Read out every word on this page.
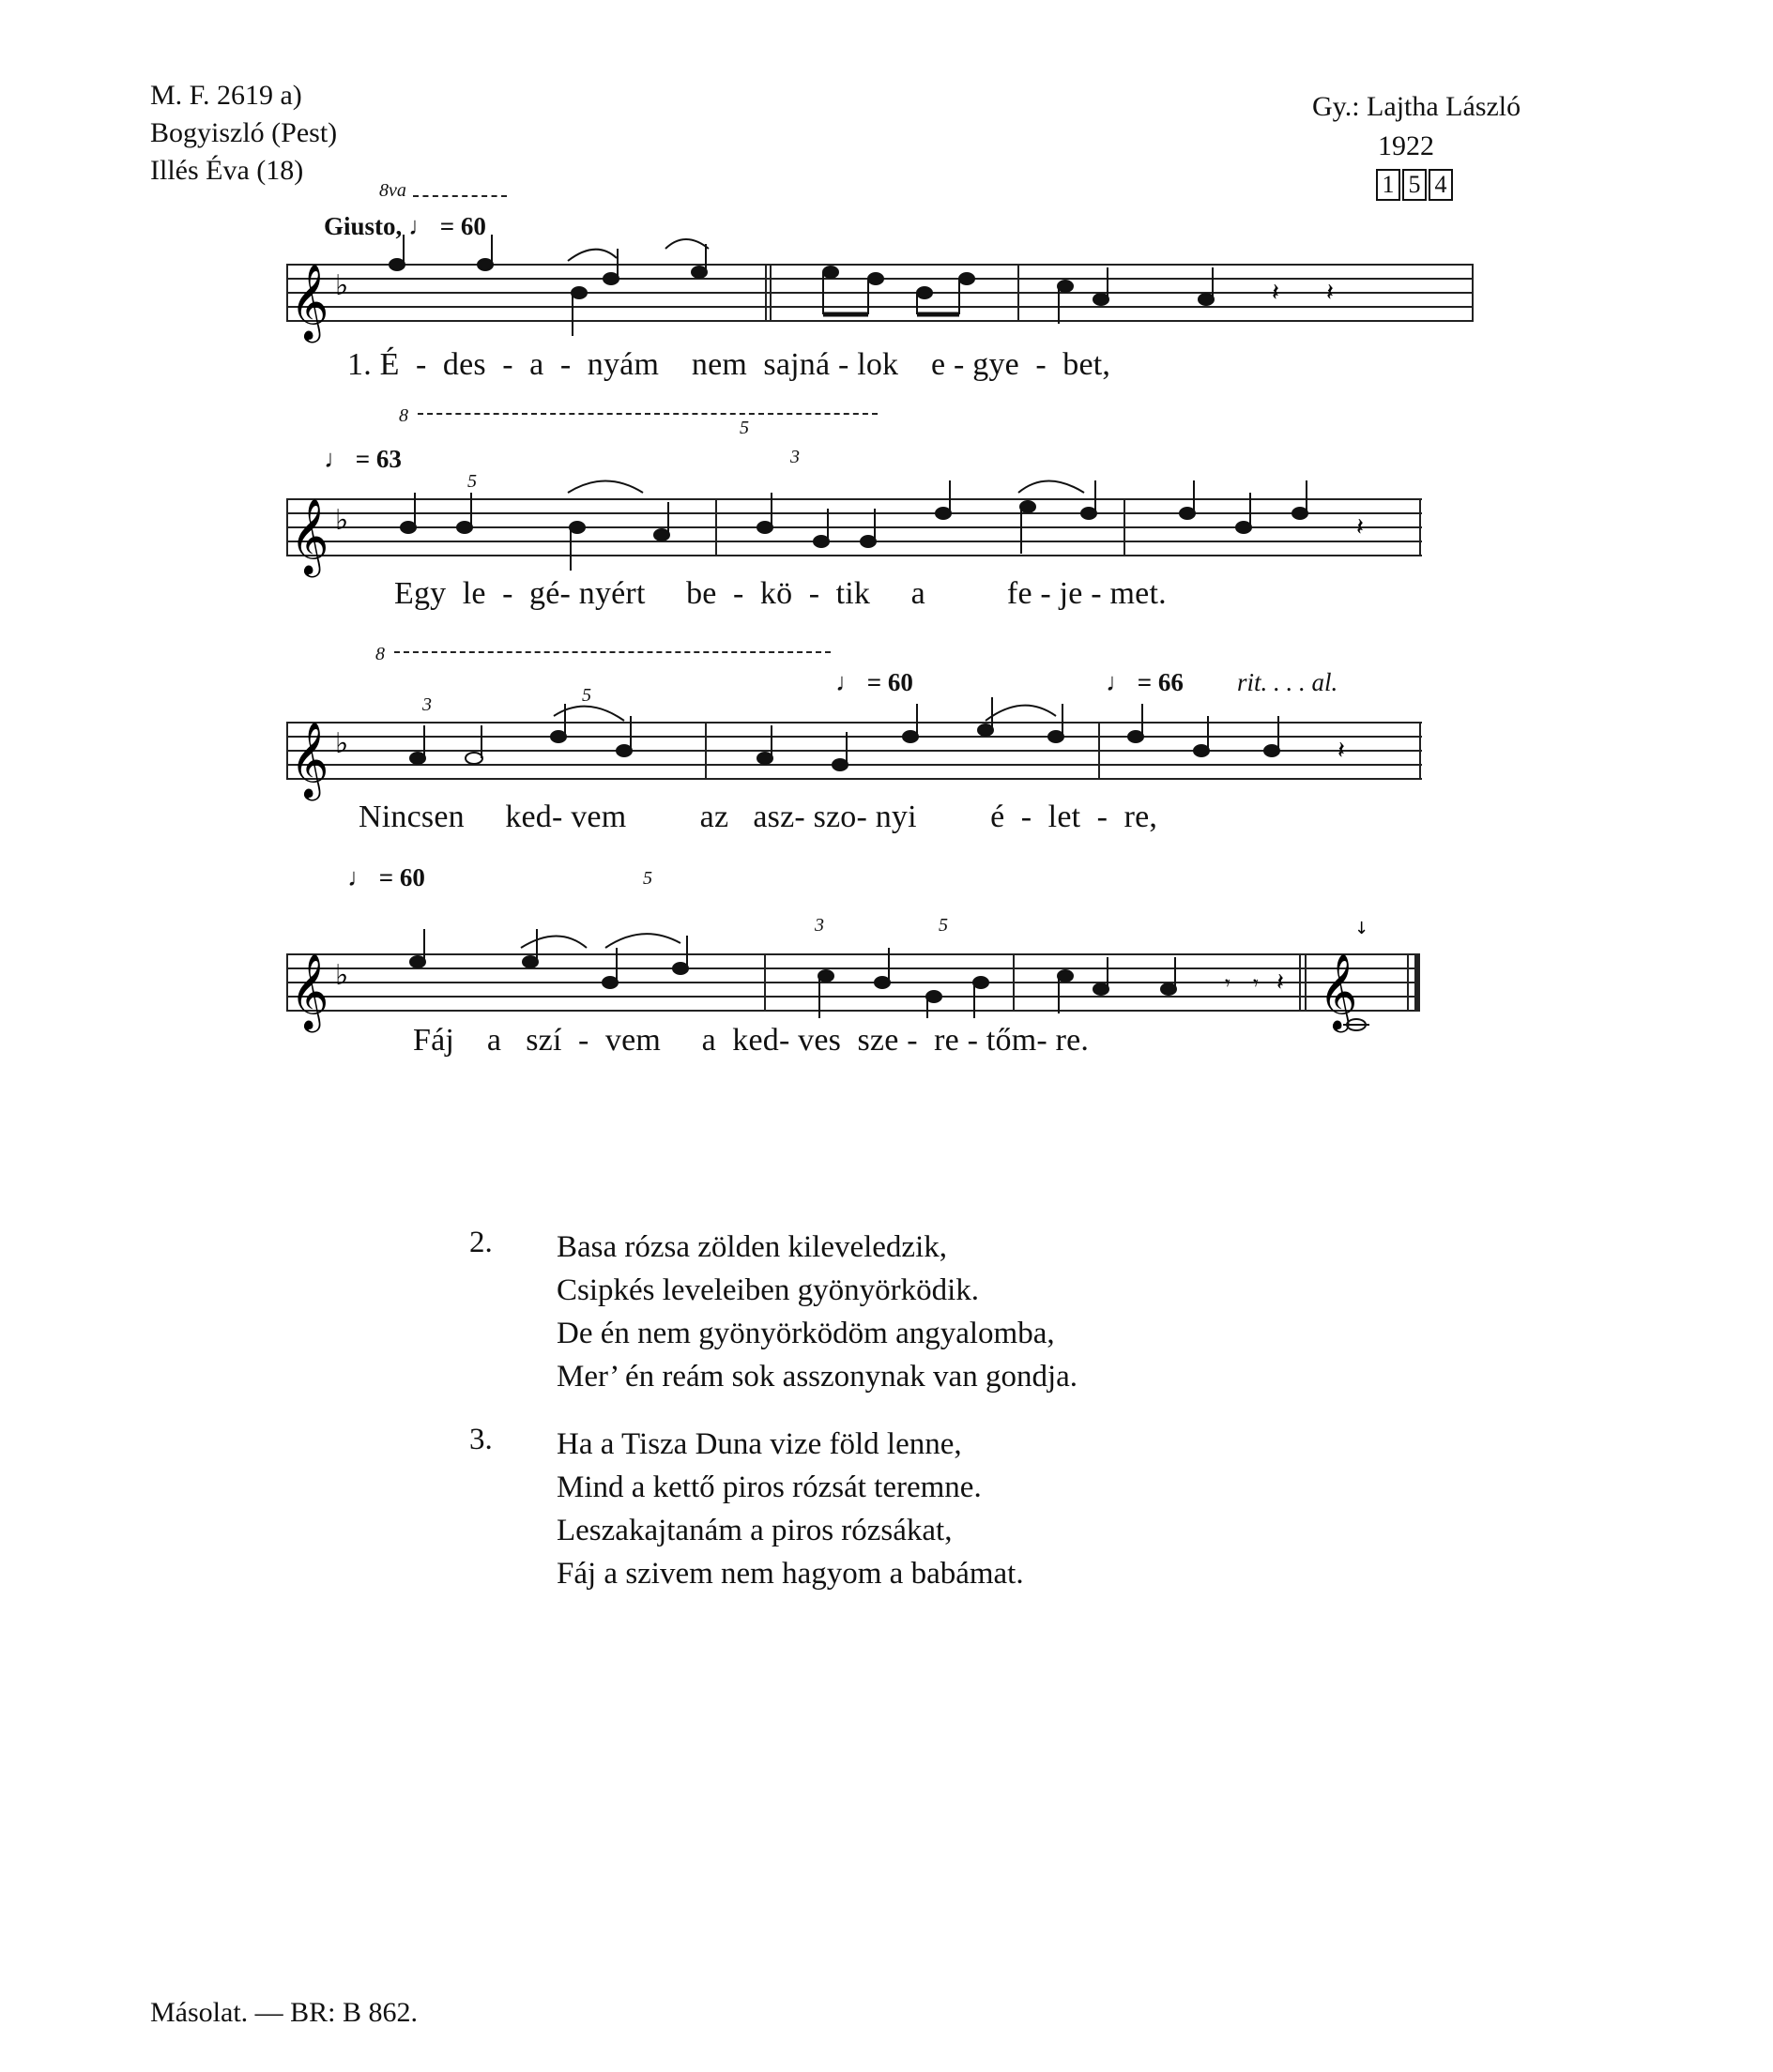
M. F. 2619 a)
Bogyiszló (Pest)
Illés Éva (18)
Gy.: Lajtha László
1922
1 5 4
8va
Giusto, ♩ = 60
𝄞 ♭	𝄽 𝄽
1. É  -  des  -  a  -  nyám    nem  sajná - lok    e - gye  -  bet,
8
♩ = 63
5
5
3
𝄞 ♭	𝄽
Egy  le  -  gé- nyért     be  -  kö  -  tik     a          fe - je - met.
8
♩ = 60	♩ = 66 rit. . . . al.
3	5
𝄞 ♭	𝄽
Nincsen     ked- vem         az   asz- szo- nyi         é  -  let  -  re,
♩ = 60	5
3	5
𝄞 ♭	𝄞
𝄾 𝄾 𝄽
↓
Fáj    a   szí  -  vem     a  ked- ves  sze -  re - tőm- re.
2. Basa rózsa zölden kileveledzik,
Csipkés leveleiben gyönyörködik.
De én nem gyönyörködöm angyalomba,
Mer’ én reám sok asszonynak van gondja.
3. Ha a Tisza Duna vize föld lenne,
Mind a kettő piros rózsát teremne.
Leszakajtanám a piros rózsákat,
Fáj a szivem nem hagyom a babámat.
Másolat. — BR: B 862.
